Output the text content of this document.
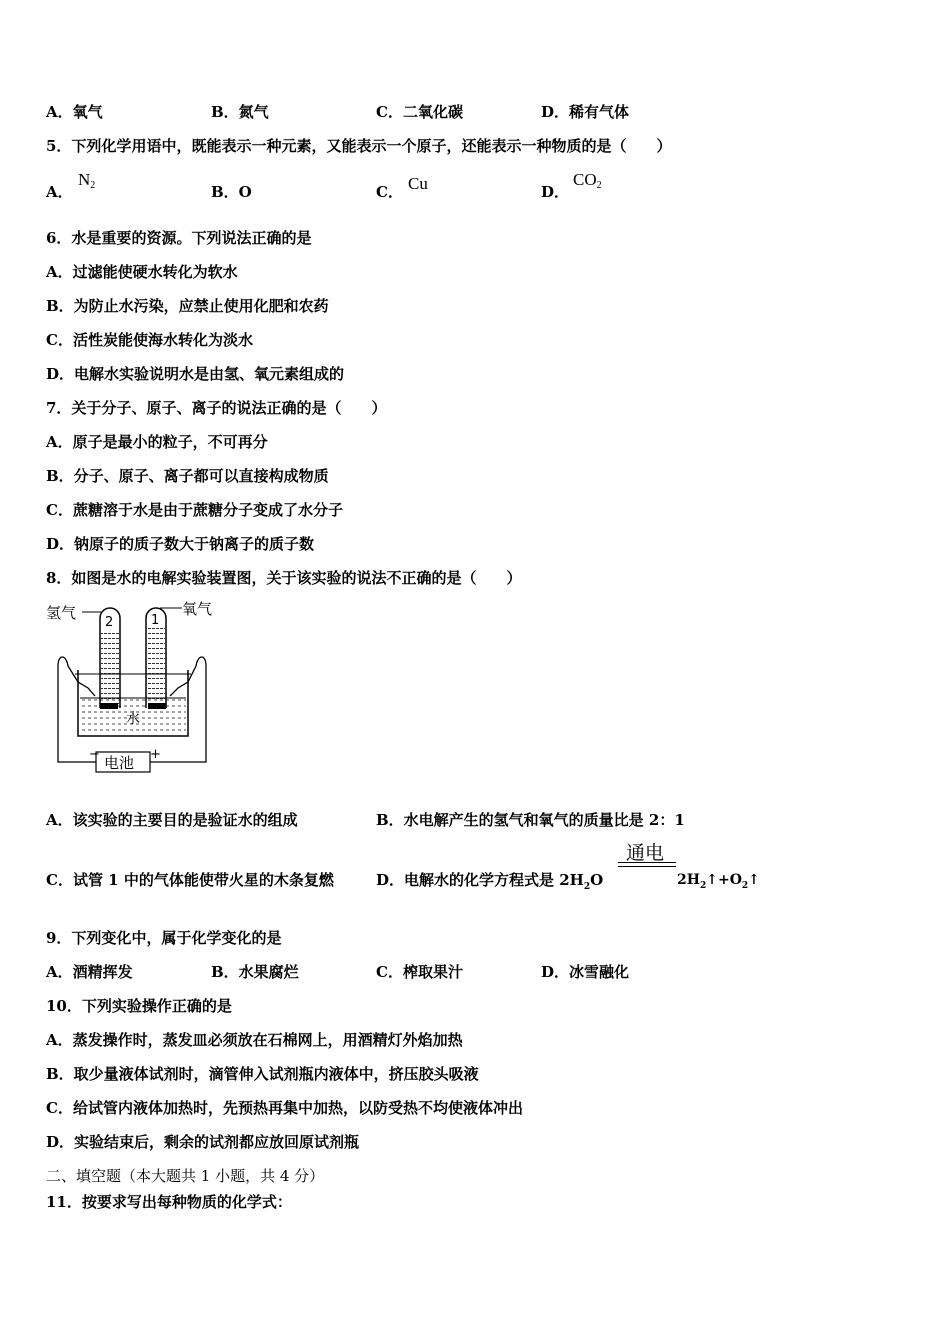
A．氧气	B．氮气	C．二氧化碳	D．稀有气体
5．下列化学用语中，既能表示一种元素，又能表示一个原子，还能表示一种物质的是（　　）
A．
$N_2$	B．O	C． Cu	D．
$CO_2$
6．水是重要的资源。下列说法正确的是
A．过滤能使硬水转化为软水
B．为防止水污染，应禁止使用化肥和农药
C．活性炭能使海水转化为淡水
D．电解水实验说明水是由氢、氧元素组成的
7．关于分子、原子、离子的说法正确的是（　　）
A．原子是最小的粒子，不可再分
B．分子、原子、离子都可以直接构成物质
C．蔗糖溶于水是由于蔗糖分子变成了水分子
D．钠原子的质子数大于钠离子的质子数
8．如图是水的电解实验装置图，关于该实验的说法不正确的是（　　）
氢气	氧气
2	1
水
电池
−	+
A．该实验的主要目的是验证水的组成	B．水电解产生的氢气和氧气的质量比是 2：1
C．试管 1 中的气体能使带火星的木条复燃	D．电解水的化学方程式是 $2H_2O$
通电
$2H_2↑+O_2↑$
9．下列变化中，属于化学变化的是
A．酒精挥发	B．水果腐烂	C．榨取果汁	D．冰雪融化
10．下列实验操作正确的是
A．蒸发操作时，蒸发皿必须放在石棉网上，用酒精灯外焰加热
B．取少量液体试剂时，滴管伸入试剂瓶内液体中，挤压胶头吸液
C．给试管内液体加热时，先预热再集中加热，以防受热不均使液体冲出
D．实验结束后，剩余的试剂都应放回原试剂瓶
二、填空题（本大题共 1 小题，共 4 分）
11．按要求写出每种物质的化学式：
